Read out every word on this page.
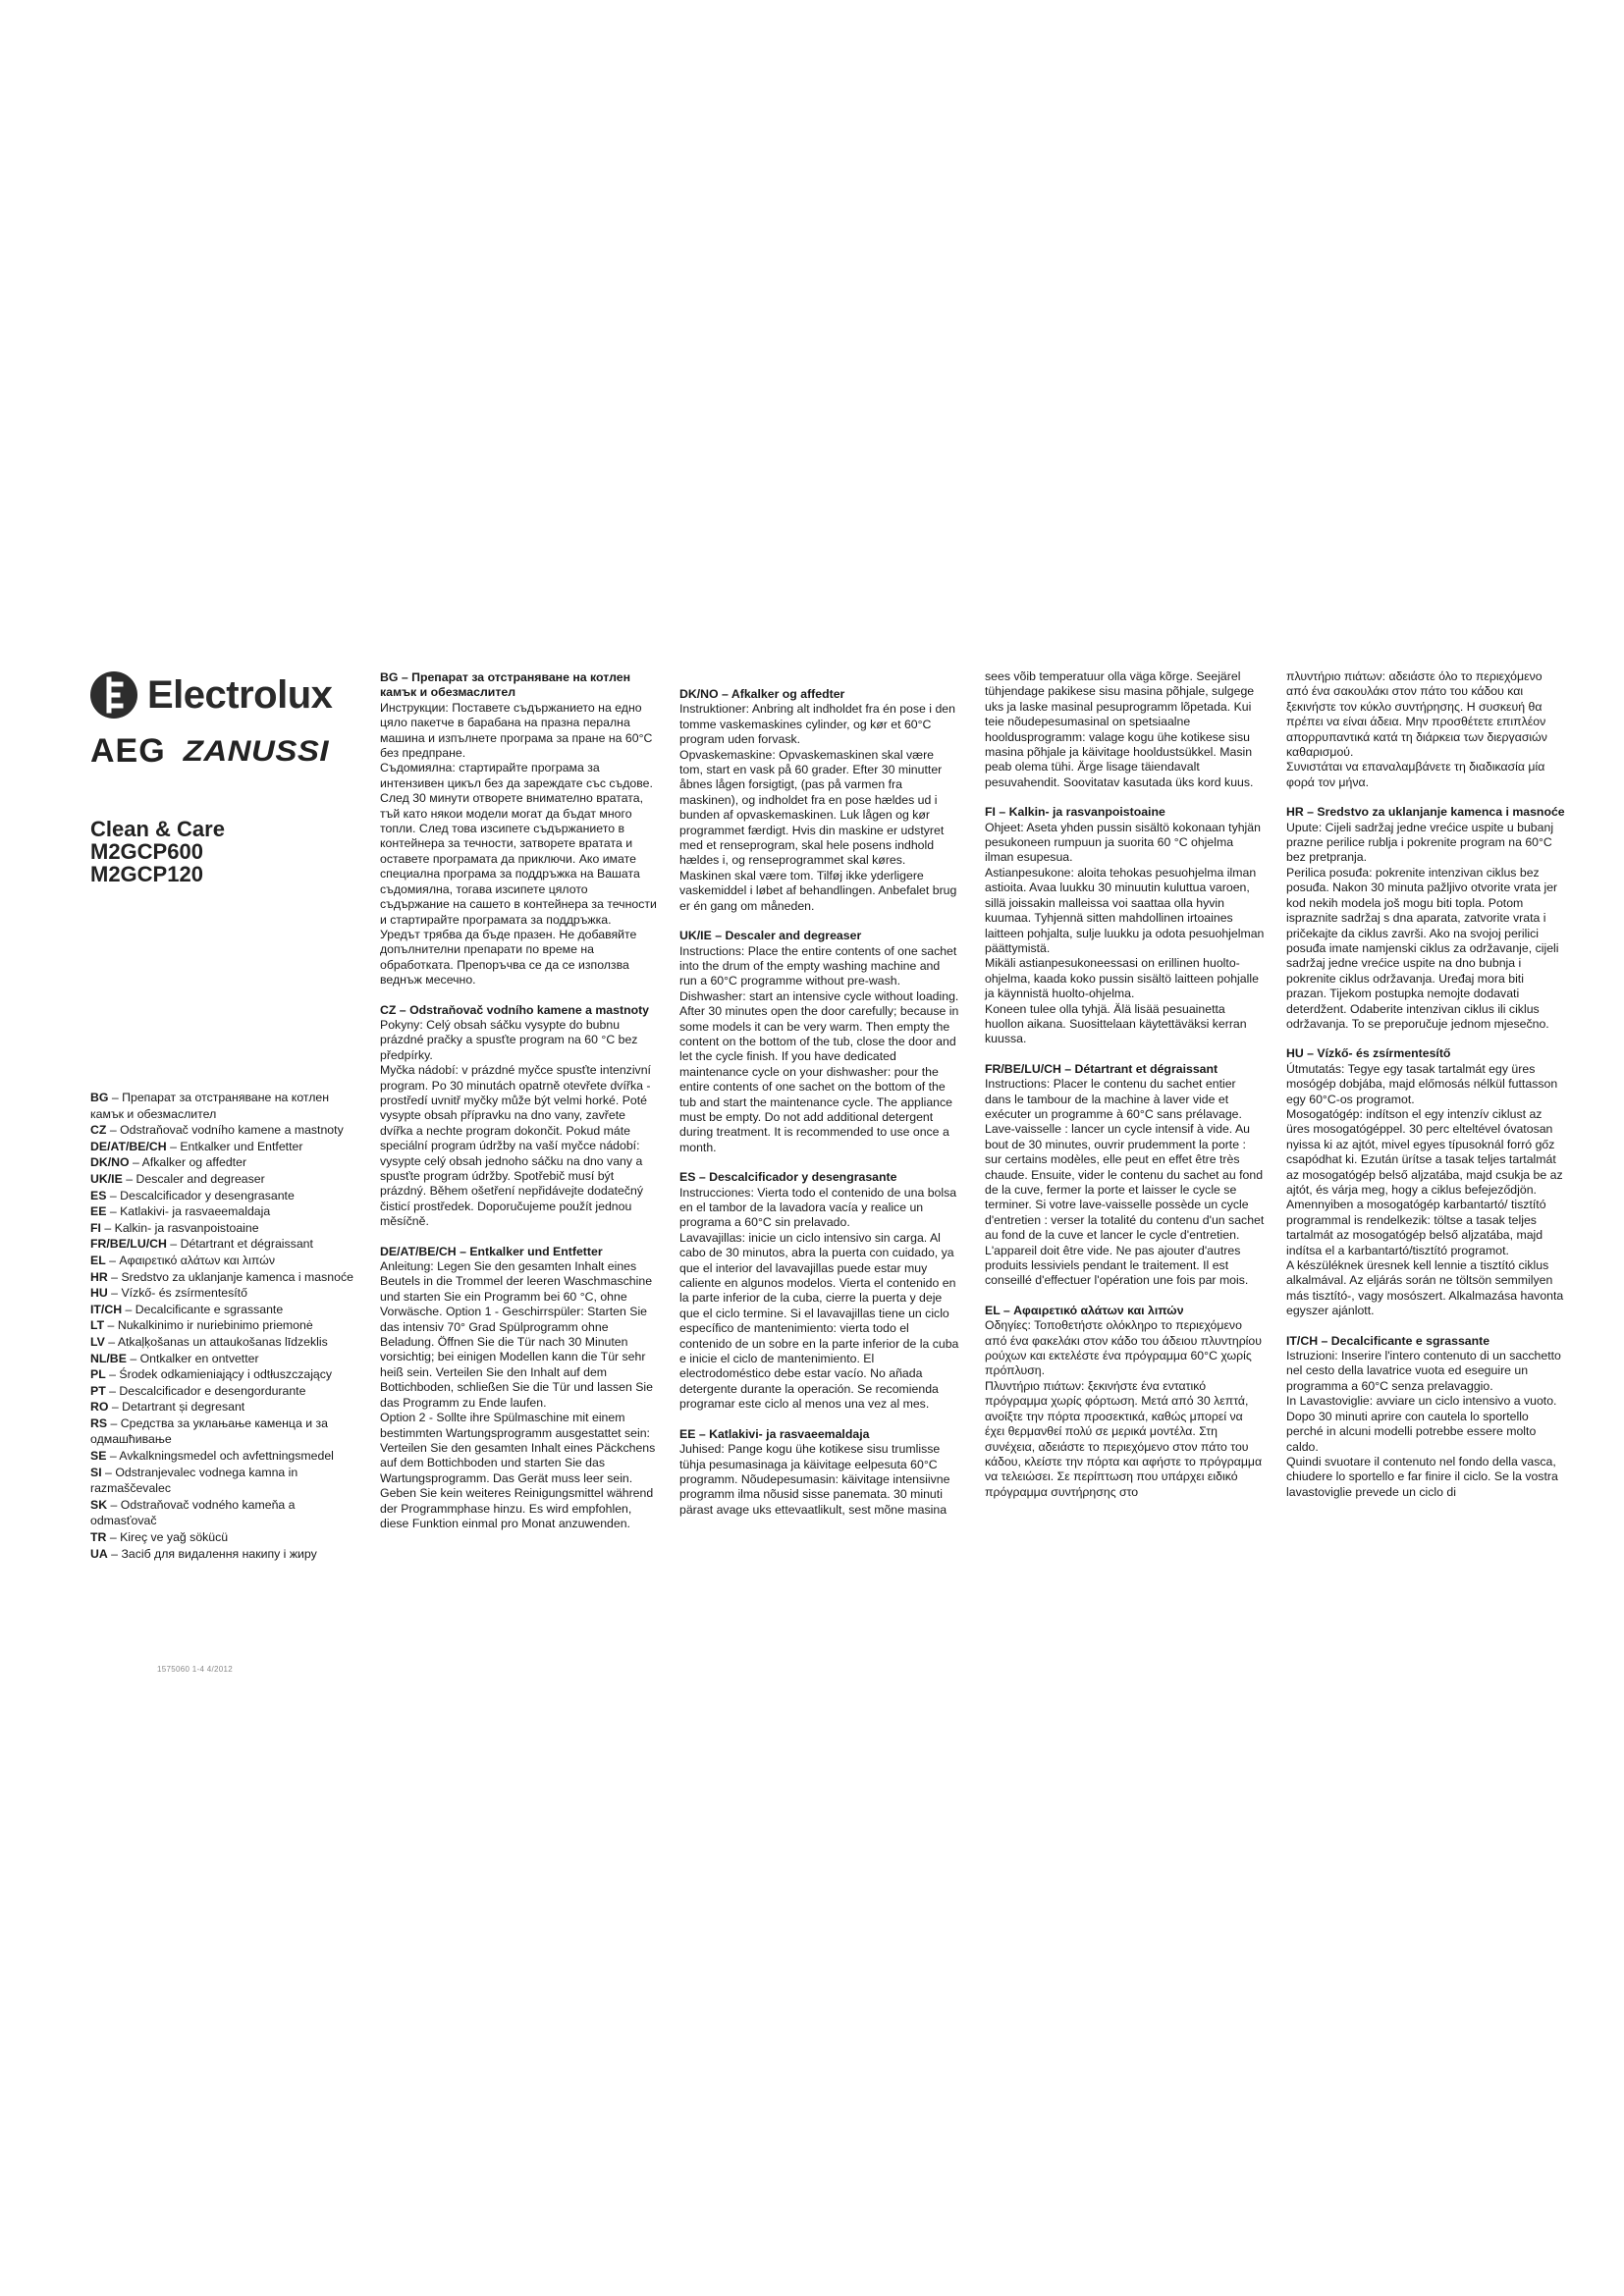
Electrolux
AEG ZANUSSI
Clean & Care
M2GCP600
M2GCP120

BG – Препарат за отстраняване на котлен камък и обезмаслител

CZ – Odstraňovač vodního kamene a mastnoty

DE/AT/BE/CH – Entkalker und Entfetter

DK/NO – Afkalker og affedter

UK/IE – Descaler and degreaser

ES – Descalcificador y desengrasante

EE – Katlakivi- ja rasvaeemaldaja

FI – Kalkin- ja rasvanpoistoaine

FR/BE/LU/CH – Détartrant et dégraissant

EL – Αφαιρετικό αλάτων και λιπών

HR – Sredstvo za uklanjanje kamenca i masnoće

HU – Vízkő- és zsírmentesítő

IT/CH – Decalcificante e sgrassante

LT – Nukalkinimo ir nuriebinimo priemonė

LV – Atkaļķošanas un attaukošanas līdzeklis

NL/BE – Ontkalker en ontvetter

PL – Środek odkamieniający i odtłuszczający

PT – Descalcificador e desengordurante

RO – Detartrant și degresant

RS – Средства за уклањање каменца и за одмашћивање

SE – Avkalkningsmedel och avfettningsmedel

SI – Odstranjevalec vodnega kamna in razmaščevalec

SK – Odstraňovač vodného kameňa a odmasťovač

TR – Kireç ve yağ sökücü

UA – Засіб для видалення накипу і жиру

1575060 1-4 4/2012

BG – Препарат за отстраняване на котлен камък и обезмаслител

Инструкции: Поставете съдържанието на едно цяло пакетче в барабана на празна перална машина и изпълнете програма за пране на 60°C без предпране.

Съдомиялна: стартирайте програма за интензивен цикъл без да зареждате със съдове. След 30 минути отворете внимателно вратата, тъй като някои модели могат да бъдат много топли. След това изсипете съдържанието в контейнера за течности, затворете вратата и оставете програмата да приключи. Ако имате специална програма за поддръжка на Вашата съдомиялна, тогава изсипете цялото съдържание на сашето в контейнера за течности и стартирайте програмата за поддръжка.

Уредът трябва да бъде празен. Не добавяйте допълнителни препарати по време на обработката. Препоръчва се да се използва веднъж месечно.

CZ – Odstraňovač vodního kamene a mastnoty

Pokyny: Celý obsah sáčku vysypte do bubnu prázdné pračky a spusťte program na 60 °C bez předpírky.

Myčka nádobí: v prázdné myčce spusťte intenzivní program. Po 30 minutách opatrně otevřete dvířka - prostředí uvnitř myčky může být velmi horké. Poté vysypte obsah přípravku na dno vany, zavřete dvířka a nechte program dokončit. Pokud máte speciální program údržby na vaší myčce nádobí: vysypte celý obsah jednoho sáčku na dno vany a spusťte program údržby. Spotřebič musí být prázdný. Během ošetření nepřidávejte dodatečný čisticí prostředek. Doporučujeme použít jednou měsíčně.

DE/AT/BE/CH – Entkalker und Entfetter

Anleitung: Legen Sie den gesamten Inhalt eines Beutels in die Trommel der leeren Waschmaschine und starten Sie ein Programm bei 60 °C, ohne Vorwäsche. Option 1 - Geschirrspüler: Starten Sie das intensiv 70° Grad Spülprogramm ohne Beladung. Öffnen Sie die Tür nach 30 Minuten vorsichtig; bei einigen Modellen kann die Tür sehr heiß sein. Verteilen Sie den Inhalt auf dem Bottichboden, schließen Sie die Tür und lassen Sie das Programm zu Ende laufen.

Option 2 - Sollte ihre Spülmaschine mit einem bestimmten Wartungsprogramm ausgestattet sein: Verteilen Sie den gesamten Inhalt eines Päckchens auf dem Bottichboden und starten Sie das Wartungsprogramm. Das Gerät muss leer sein. Geben Sie kein weiteres Reinigungsmittel während der Programmphase hinzu. Es wird empfohlen, diese Funktion einmal pro Monat anzuwenden.

DK/NO – Afkalker og affedter

Instruktioner: Anbring alt indholdet fra én pose i den tomme vaskemaskines cylinder, og kør et 60°C program uden forvask.

Opvaskemaskine: Opvaskemaskinen skal være tom, start en vask på 60 grader. Efter 30 minutter åbnes lågen forsigtigt, (pas på varmen fra maskinen), og indholdet fra en pose hældes ud i bunden af opvaskemaskinen. Luk lågen og kør programmet færdigt. Hvis din maskine er udstyret med et renseprogram, skal hele posens indhold hældes i, og renseprogrammet skal køres. Maskinen skal være tom. Tilføj ikke yderligere vaskemiddel i løbet af behandlingen. Anbefalet brug er én gang om måneden.

UK/IE – Descaler and degreaser

Instructions: Place the entire contents of one sachet into the drum of the empty washing machine and run a 60°C programme without pre-wash.

Dishwasher: start an intensive cycle without loading. After 30 minutes open the door carefully; because in some models it can be very warm. Then empty the content on the bottom of the tub, close the door and let the cycle finish. If you have dedicated maintenance cycle on your dishwasher: pour the entire contents of one sachet on the bottom of the tub and start the maintenance cycle. The appliance must be empty. Do not add additional detergent during treatment. It is recommended to use once a month.

ES – Descalcificador y desengrasante

Instrucciones: Vierta todo el contenido de una bolsa en el tambor de la lavadora vacía y realice un programa a 60°C sin prelavado.

Lavavajillas: inicie un ciclo intensivo sin carga. Al cabo de 30 minutos, abra la puerta con cuidado, ya que el interior del lavavajillas puede estar muy caliente en algunos modelos. Vierta el contenido en la parte inferior de la cuba, cierre la puerta y deje que el ciclo termine. Si el lavavajillas tiene un ciclo específico de mantenimiento: vierta todo el contenido de un sobre en la parte inferior de la cuba e inicie el ciclo de mantenimiento. El electrodoméstico debe estar vacío. No añada detergente durante la operación. Se recomienda programar este ciclo al menos una vez al mes.

EE – Katlakivi- ja rasvaeemaldaja

Juhised: Pange kogu ühe kotikese sisu trumlisse tühja pesumasinaga ja käivitage eelpesuta 60°C programm. Nõudepesumasin: käivitage intensiivne programm ilma nõusid sisse panemata. 30 minuti pärast avage uks ettevaatlikult, sest mõne masina

sees võib temperatuur olla väga kõrge. Seejärel tühjendage pakikese sisu masina põhjale, sulgege uks ja laske masinal pesuprogramm lõpetada. Kui teie nõudepesumasinal on spetsiaalne hooldusprogramm: valage kogu ühe kotikese sisu masina põhjale ja käivitage hooldustsükkel. Masin peab olema tühi. Ärge lisage täiendavalt pesuvahendit. Soovitatav kasutada üks kord kuus.

FI – Kalkin- ja rasvanpoistoaine

Ohjeet: Aseta yhden pussin sisältö kokonaan tyhjän pesukoneen rumpuun ja suorita 60 °C ohjelma ilman esupesua.

Astianpesukone: aloita tehokas pesuohjelma ilman astioita. Avaa luukku 30 minuutin kuluttua varoen, sillä joissakin malleissa voi saattaa olla hyvin kuumaa. Tyhjennä sitten mahdollinen irtoaines laitteen pohjalta, sulje luukku ja odota pesuohjelman päättymistä.

Mikäli astianpesukoneessasi on erillinen huolto-ohjelma, kaada koko pussin sisältö laitteen pohjalle ja käynnistä huolto-ohjelma.

Koneen tulee olla tyhjä. Älä lisää pesuainetta huollon aikana. Suosittelaan käytettäväksi kerran kuussa.

FR/BE/LU/CH – Détartrant et dégraissant

Instructions: Placer le contenu du sachet entier dans le tambour de la machine à laver vide et exécuter un programme à 60°C sans prélavage.

Lave-vaisselle : lancer un cycle intensif à vide. Au bout de 30 minutes, ouvrir prudemment la porte : sur certains modèles, elle peut en effet être très chaude. Ensuite, vider le contenu du sachet au fond de la cuve, fermer la porte et laisser le cycle se terminer. Si votre lave-vaisselle possède un cycle d'entretien : verser la totalité du contenu d'un sachet au fond de la cuve et lancer le cycle d'entretien. L'appareil doit être vide. Ne pas ajouter d'autres produits lessiviels pendant le traitement. Il est conseillé d'effectuer l'opération une fois par mois.

EL – Αφαιρετικό αλάτων και λιπών

Οδηγίες: Τοποθετήστε ολόκληρο το περιεχόμενο από ένα φακελάκι στον κάδο του άδειου πλυντηρίου ρούχων και εκτελέστε ένα πρόγραμμα 60°C χωρίς πρόπλυση.

Πλυντήριο πιάτων: ξεκινήστε ένα εντατικό πρόγραμμα χωρίς φόρτωση. Μετά από 30 λεπτά, ανοίξτε την πόρτα προσεκτικά, καθώς μπορεί να έχει θερμανθεί πολύ σε μερικά μοντέλα. Στη συνέχεια, αδειάστε το περιεχόμενο στον πάτο του κάδου, κλείστε την πόρτα και αφήστε το πρόγραμμα να τελειώσει. Σε περίπτωση που υπάρχει ειδικό πρόγραμμα συντήρησης στο

πλυντήριο πιάτων: αδειάστε όλο το περιεχόμενο από ένα σακουλάκι στον πάτο του κάδου και ξεκινήστε τον κύκλο συντήρησης. Η συσκευή θα πρέπει να είναι άδεια. Μην προσθέτετε επιπλέον απορρυπαντικά κατά τη διάρκεια των διεργασιών καθαρισμού.

Συνιστάται να επαναλαμβάνετε τη διαδικασία μία φορά τον μήνα.

HR – Sredstvo za uklanjanje kamenca i masnoće

Upute: Cijeli sadržaj jedne vrećice uspite u bubanj prazne perilice rublja i pokrenite program na 60°C bez pretpranja.

Perilica posuđa: pokrenite intenzivan ciklus bez posuđa. Nakon 30 minuta pažljivo otvorite vrata jer kod nekih modela još mogu biti topla. Potom ispraznite sadržaj s dna aparata, zatvorite vrata i pričekajte da ciklus završi. Ako na svojoj perilici posuđa imate namjenski ciklus za održavanje, cijeli sadržaj jedne vrećice uspite na dno bubnja i pokrenite ciklus održavanja. Uređaj mora biti prazan. Tijekom postupka nemojte dodavati deterdžent. Odaberite intenzivan ciklus ili ciklus održavanja. To se preporučuje jednom mjesečno.

HU – Vízkő- és zsírmentesítő

Útmutatás: Tegye egy tasak tartalmát egy üres mosógép dobjába, majd előmosás nélkül futtasson egy 60°C-os programot.

Mosogatógép: indítson el egy intenzív ciklust az üres mosogatógéppel. 30 perc elteltével óvatosan nyissa ki az ajtót, mivel egyes típusoknál forró gőz csapódhat ki. Ezután ürítse a tasak teljes tartalmát az mosogatógép belső aljzatába, majd csukja be az ajtót, és várja meg, hogy a ciklus befejeződjön.

Amennyiben a mosogatógép karbantartó/ tisztító programmal is rendelkezik: töltse a tasak teljes tartalmát az mosogatógép belső aljzatába, majd indítsa el a karbantartó/tisztító programot.

A készüléknek üresnek kell lennie a tisztító ciklus alkalmával. Az eljárás során ne töltsön semmilyen más tisztító-, vagy mosószert. Alkalmazása havonta egyszer ajánlott.

IT/CH – Decalcificante e sgrassante

Istruzioni: Inserire l'intero contenuto di un sacchetto nel cesto della lavatrice vuota ed eseguire un programma a 60°C senza prelavaggio.

In Lavastoviglie: avviare un ciclo intensivo a vuoto. Dopo 30 minuti aprire con cautela lo sportello perché in alcuni modelli potrebbe essere molto caldo.

Quindi svuotare il contenuto nel fondo della vasca, chiudere lo sportello e far finire il ciclo. Se la vostra lavastoviglie prevede un ciclo di
